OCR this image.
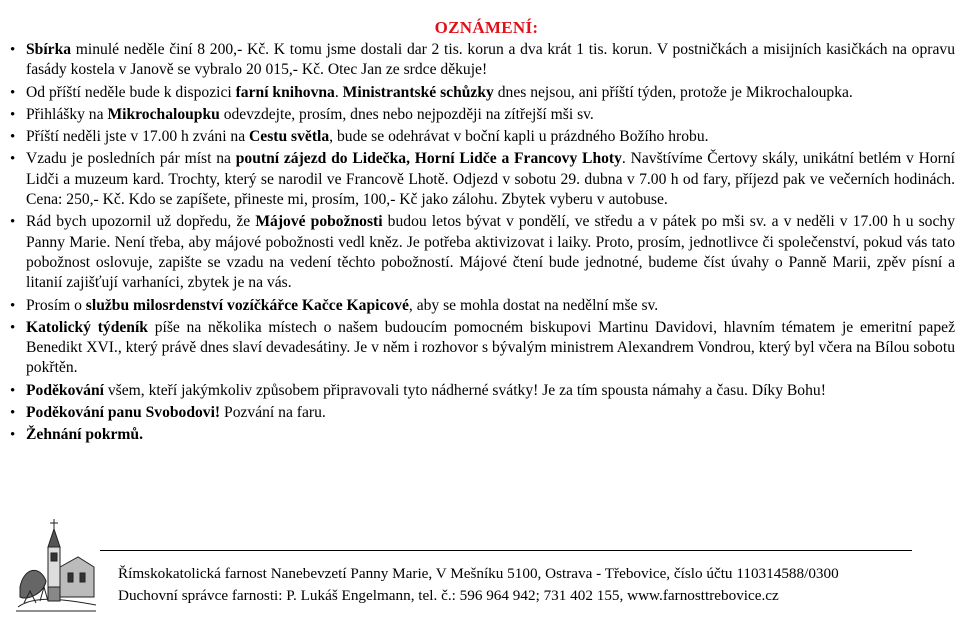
OZNÁMENÍ:
• Sbírka minulé neděle činí 8 200,- Kč. K tomu jsme dostali dar 2 tis. korun a dva krát 1 tis. korun. V postničkách a misijních kasičkách na opravu fasády kostela v Janově se vybralo 20 015,- Kč. Otec Jan ze srdce děkuje!
• Od příští neděle bude k dispozici farní knihovna. Ministrantské schůzky dnes nejsou, ani příští týden, protože je Mikrochaloupka.
• Přihlášky na Mikrochaloupku odevzdejte, prosím, dnes nebo nejpozději na zítřejší mši sv.
• Příští neděli jste v 17.00 h zváni na Cestu světla, bude se odehrávat v boční kapli u prázdného Božího hrobu.
• Vzadu je posledních pár míst na poutní zájezd do Lidečka, Horní Lidče a Francovy Lhoty. Navštívíme Čertovy skály, unikátní betlém v Horní Lidči a muzeum kard. Trochty, který se narodil ve Francově Lhotě. Odjezd v sobotu 29. dubna v 7.00 h od fary, příjezd pak ve večerních hodinách. Cena: 250,- Kč. Kdo se zapíšete, přineste mi, prosím, 100,- Kč jako zálohu. Zbytek vyberu v autobuse.
• Rád bych upozornil už dopředu, že Májové pobožnosti budou letos bývat v pondělí, ve středu a v pátek po mši sv. a v neděli v 17.00 h u sochy Panny Marie. Není třeba, aby májové pobožnosti vedl kněz. Je potřeba aktivizovat i laiky. Proto, prosím, jednotlivce či společenství, pokud vás tato pobožnost oslovuje, zapište se vzadu na vedení těchto pobožností. Májové čtení bude jednotné, budeme číst úvahy o Panně Marii, zpěv písní a litanií zajišťují varhaníci, zbytek je na vás.
• Prosím o službu milosrdenství vozíčkářce Kačce Kapicové, aby se mohla dostat na nedělní mše sv.
• Katolický týdeník píše na několika místech o našem budoucím pomocném biskupovi Martinu Davidovi, hlavním tématem je emeritní papež Benedikt XVI., který právě dnes slaví devadesátiny. Je v něm i rozhovor s bývalým ministrem Alexandrem Vondrou, který byl včera na Bílou sobotu pokřtěn.
• Poděkování všem, kteří jakýmkoliv způsobem připravovali tyto nádherné svátky! Je za tím spousta námahy a času. Díky Bohu!
• Poděkování panu Svobodovi! Pozvání na faru.
• Žehnání pokrmů.
Římskokatolická farnost Nanebevzetí Panny Marie, V Mešníku 5100, Ostrava - Třebovice, číslo účtu 110314588/0300
Duchovní správce farnosti: P. Lukáš Engelmann, tel. č.: 596 964 942; 731 402 155, www.farnosttrebovice.cz
